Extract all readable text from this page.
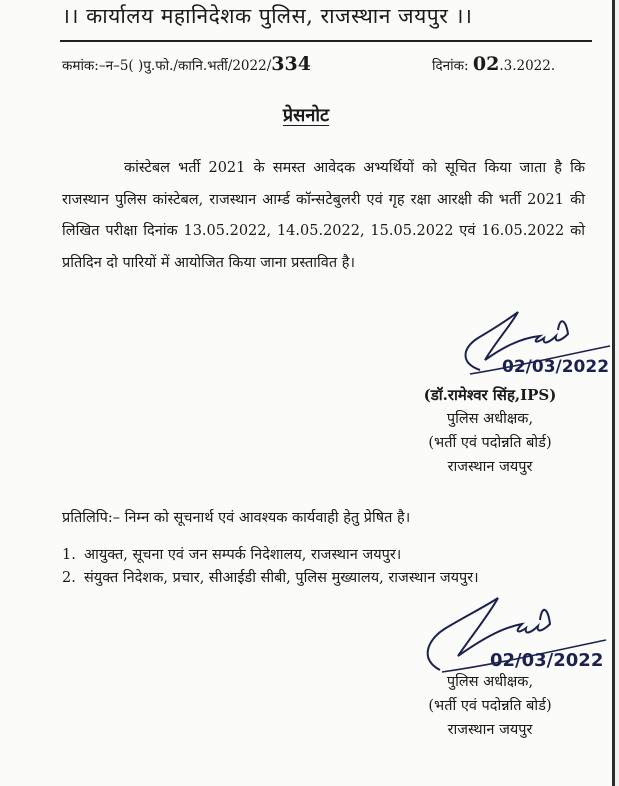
।। कार्यालय महानिदेशक पुलिस, राजस्थान जयपुर ।।
कमांक:–न–5( )पु.फो./कानि.भर्ती/2022/334	दिनांक: 02.3.2022.
प्रेसनोट

कांस्टेबल भर्ती 2021 के समस्त आवेदक अभ्यर्थियों को सूचित किया जाता है कि राजस्थान पुलिस कांस्टेबल, राजस्थान आर्म्ड कॉन्सटेबुलरी एवं गृह रक्षा आरक्षी की भर्ती 2021 की लिखित परीक्षा दिनांक 13.05.2022, 14.05.2022, 15.05.2022 एवं 16.05.2022 को प्रतिदिन दो पारियों में आयोजित किया जाना प्रस्तावित है।

02/03/2022
(डॉ.रामेश्वर सिंह,IPS)
पुलिस अधीक्षक,
(भर्ती एवं पदोन्नति बोर्ड)
राजस्थान जयपुर
प्रतिलिपि:– निम्न को सूचनार्थ एवं आवश्यक कार्यवाही हेतु प्रेषित है।
1. आयुक्त, सूचना एवं जन सम्पर्क निदेशालय, राजस्थान जयपुर।
2. संयुक्त निदेशक, प्रचार, सीआईडी सीबी, पुलिस मुख्यालय, राजस्थान जयपुर।
02/03/2022
पुलिस अधीक्षक,
(भर्ती एवं पदोन्नति बोर्ड)
राजस्थान जयपुर
